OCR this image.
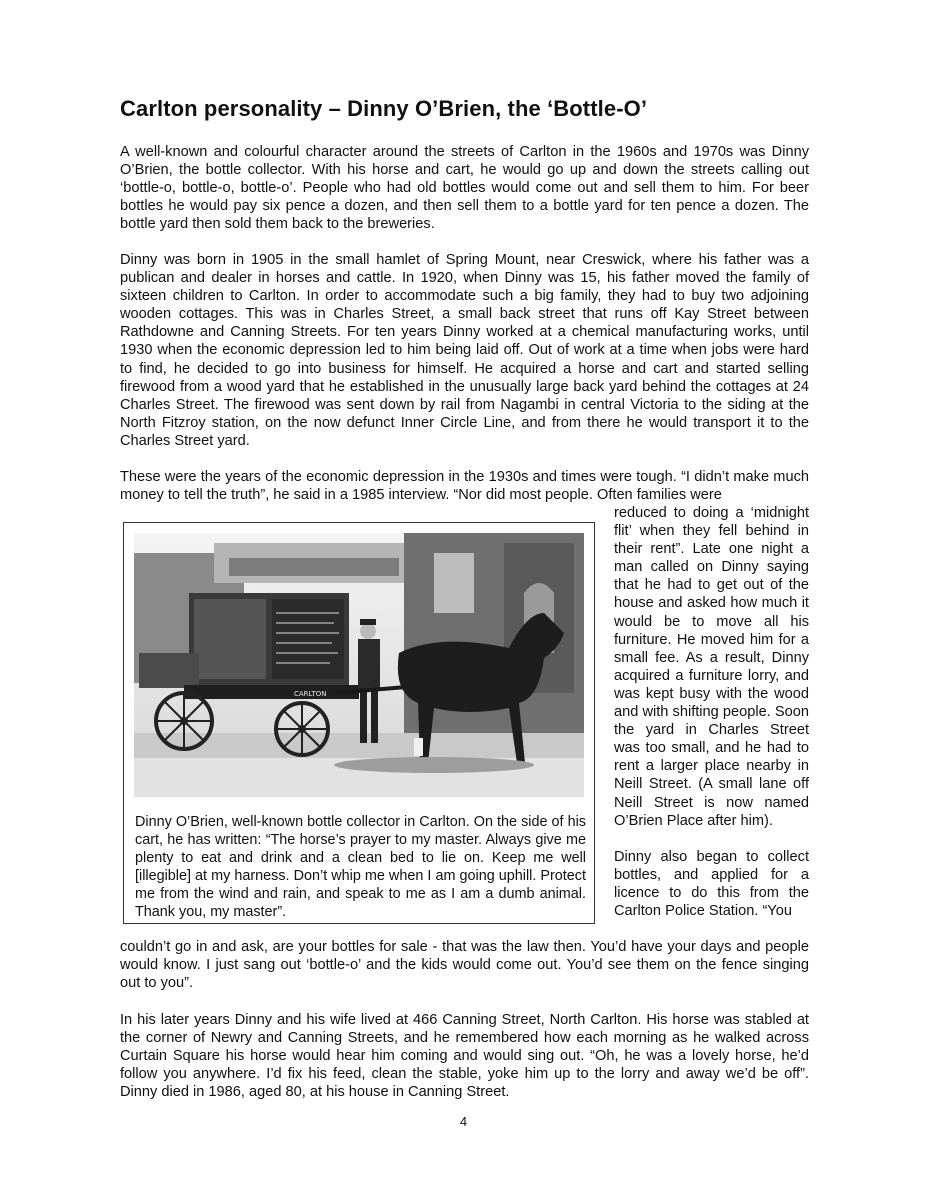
Carlton personality – Dinny O’Brien, the ‘Bottle-O’

A well-known and colourful character around the streets of Carlton in the 1960s and 1970s was Dinny O’Brien, the bottle collector. With his horse and cart, he would go up and down the streets calling out ‘bottle-o, bottle-o, bottle-o’. People who had old bottles would come out and sell them to him. For beer bottles he would pay six pence a dozen, and then sell them to a bottle yard for ten pence a dozen. The bottle yard then sold them back to the breweries.

Dinny was born in 1905 in the small hamlet of Spring Mount, near Creswick, where his father was a publican and dealer in horses and cattle. In 1920, when Dinny was 15, his father moved the family of sixteen children to Carlton. In order to accommodate such a big family, they had to buy two adjoining wooden cottages. This was in Charles Street, a small back street that runs off Kay Street between Rathdowne and Canning Streets. For ten years Dinny worked at a chemical manufacturing works, until 1930 when the economic depression led to him being laid off. Out of work at a time when jobs were hard to find, he decided to go into business for himself. He acquired a horse and cart and started selling firewood from a wood yard that he established in the unusually large back yard behind the cottages at 24 Charles Street. The firewood was sent down by rail from Nagambi in central Victoria to the siding at the North Fitzroy station, on the now defunct Inner Circle Line, and from there he would transport it to the Charles Street yard.

These were the years of the economic depression in the 1930s and times were tough. “I didn’t make much money to tell the truth”, he said in a 1985 interview. “Nor did most people. Often families were

CARLTON

Dinny O’Brien, well-known bottle collector in Carlton. On the side of his cart, he has written: “The horse’s prayer to my master. Always give me plenty to eat and drink and a clean bed to lie on. Keep me well [illegible] at my harness. Don’t whip me when I am going uphill. Protect me from the wind and rain, and speak to me as I am a dumb animal. Thank you, my master”.

reduced to doing a ‘midnight flit’ when they fell behind in their rent”. Late one night a man called on Dinny saying that he had to get out of the house and asked how much it would be to move all his furniture. He moved him for a small fee. As a result, Dinny acquired a furniture lorry, and was kept busy with the wood and with shifting people. Soon the yard in Charles Street was too small, and he had to rent a larger place nearby in Neill Street. (A small lane off Neill Street is now named O’Brien Place after him).

Dinny also began to collect bottles, and applied for a licence to do this from the Carlton Police Station. “You

couldn’t go in and ask, are your bottles for sale - that was the law then. You’d have your days and people would know. I just sang out ‘bottle-o’ and the kids would come out. You’d see them on the fence singing out to you”.

In his later years Dinny and his wife lived at 466 Canning Street, North Carlton. His horse was stabled at the corner of Newry and Canning Streets, and he remembered how each morning as he walked across Curtain Square his horse would hear him coming and would sing out. “Oh, he was a lovely horse, he’d follow you anywhere. I’d fix his feed, clean the stable, yoke him up to the lorry and away we’d be off”. Dinny died in 1986, aged 80, at his house in Canning Street.

4
